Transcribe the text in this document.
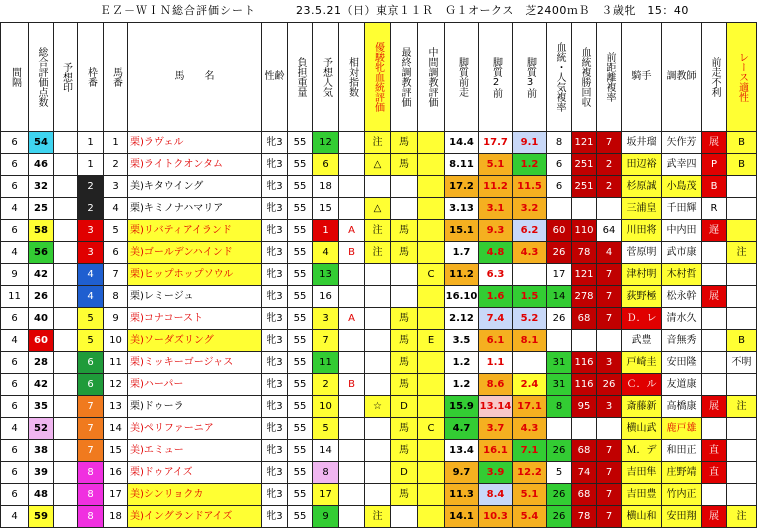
ＥＺ－ＷＩＮ総合評価シート	23.5.21（日）東京１１Ｒ　Ｇ１オークス　芝2400ｍＢ　３歳牝　15：40
間隔	総合評価点数	予想印	枠番	馬番	馬　　名	性齢	負担重量	予想人気	相対指数	優駿牝血統評価	最終調教評価	中間調教評価	脚質前走	脚質2前	脚質3前	血統・人気複率	血統複勝回収	前距離複率	騎手	調教師	前走不利	レース適性

6	54		1	1	栗)ラヴェル	牝3	55	12		注	馬		14.4	17.7	9.1	8	121	7	坂井瑠	矢作芳	展	B
6	46		1	2	栗)ライトクオンタム	牝3	55	6		△	馬		8.11	5.1	1.2	6	251	2	田辺裕	武幸四	P	B
6	32		2	3	美)キタウイング	牝3	55	18					17.2	11.2	11.5	6	251	2	杉原誠	小島茂	B	
4	25		2	4	栗)キミノナハマリア	牝3	55	15		△			3.13	3.1	3.2				三浦皇	千田輝	R	
6	58		3	5	栗)リバティアイランド	牝3	55	1	A	注	馬		15.1	9.3	6.2	60	110	64	川田将	中内田	遅	
4	56		3	6	美)ゴールデンハインド	牝3	55	4	B	注	馬		1.7	4.8	4.3	26	78	4	菅原明	武市康		注
9	42		4	7	栗)ヒップホップソウル	牝3	55	13				C	11.2	6.3		17	121	7	津村明	木村哲		
11	26		4	8	栗)レミージュ	牝3	55	16					16.10	1.6	1.5	14	278	7	荻野極	松永幹	展	
6	40		5	9	栗)コナコースト	牝3	55	3	A		馬		2.12	7.4	5.2	26	68	7	Ｄ．レ	清水久		
4	60		5	10	美)ソーダズリング	牝3	55	7			馬	E	3.5	6.1	8.1				武豊	音無秀		B
6	28		6	11	栗)ミッキーゴージャス	牝3	55	11			馬		1.2	1.1		31	116	3	戸崎圭	安田隆		不明
6	42		6	12	栗)ハーパー	牝3	55	2	B		馬		1.2	8.6	2.4	31	116	26	Ｃ．ル	友道康		
6	35		7	13	栗)ドゥーラ	牝3	55	10		☆	D		15.9	13.14	17.1	8	95	3	斎藤新	高橋康	展	注
4	52		7	14	美)ペリファーニア	牝3	55	5			馬	C	4.7	3.7	4.3				横山武	鹿戸雄		
6	38		7	15	美)エミュー	牝3	55	14			馬		13.4	16.1	7.1	26	68	7	Ｍ．デ	和田正	直	
6	39		8	16	栗)ドゥアイズ	牝3	55	8			D		9.7	3.9	12.2	5	74	7	吉田隼	庄野靖	直	
6	48		8	17	美)シンリョクカ	牝3	55	17			馬		11.3	8.4	5.1	26	68	7	吉田豊	竹内正		
4	59		8	18	美)イングランドアイズ	牝3	55	9		注			14.1	10.3	5.4	26	78	7	横山和	安田翔	展	注
